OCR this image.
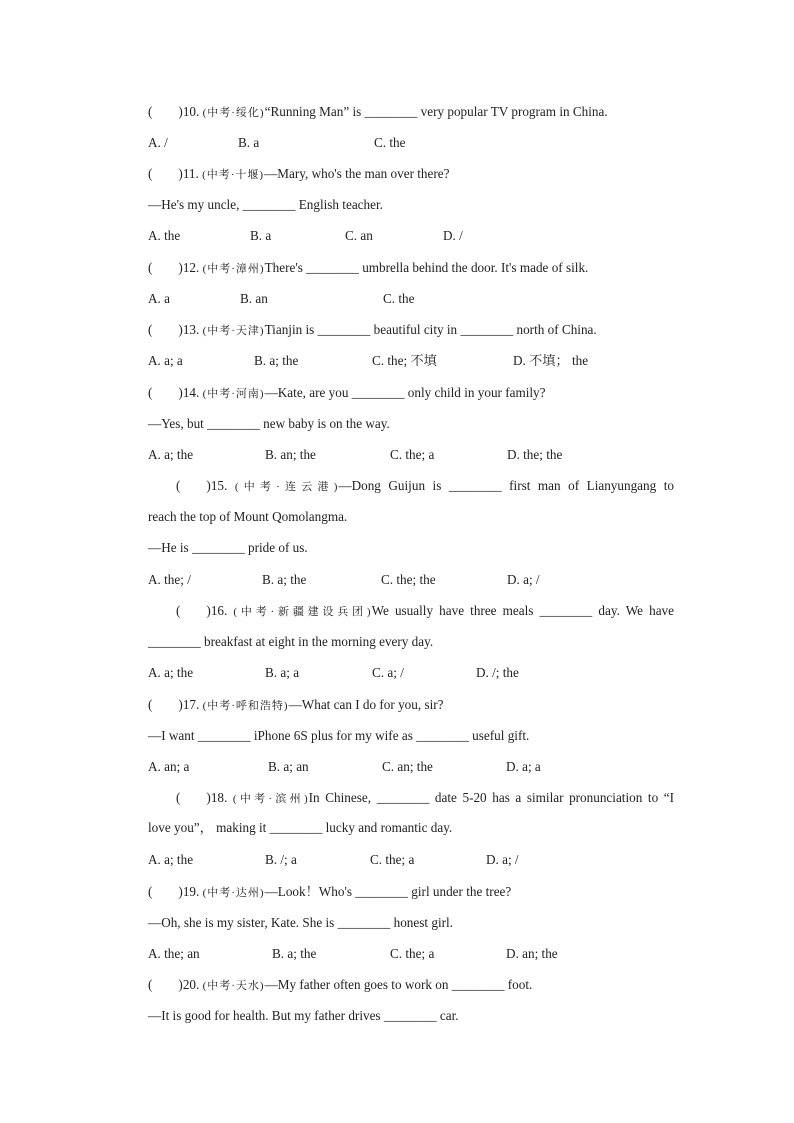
( )10. (中考·绥化)“Running Man” is ________ very popular TV program in China.
A. /	B. a	C. the
( )11. (中考·十堰)—Mary, who's the man over there?
—He's my uncle, ________ English teacher.
A. the	B. a	C. an	D. /
( )12. (中考·漳州)There's ________ umbrella behind the door. It's made of silk.
A. a	B. an	C. the
( )13. (中考·天津)Tianjin is ________ beautiful city in ________ north of China.
A. a; a	B. a; the	C. the; 不填	D. 不填； the
( )14. (中考·河南)—Kate, are you ________ only child in your family?
—Yes, but ________ new baby is on the way.
A. a; the	B. an; the	C. the; a	D. the; the
( )15. (中考·连云港)—Dong Guijun is ________ first man of Lianyungang to
reach the top of Mount Qomolangma.
—He is ________ pride of us.
A. the; /	B. a; the	C. the; the	D. a; /
( )16. (中考·新疆建设兵团)We usually have three meals ________ day. We have
________ breakfast at eight in the morning every day.
A. a; the	B. a; a	C. a; /	D. /; the
( )17. (中考·呼和浩特)—What can I do for you, sir?
—I want ________ iPhone 6S plus for my wife as ________ useful gift.
A. an; a	B. a; an	C. an; the	D. a; a
( )18. (中考·滨州)In Chinese, ________ date 5-20 has a similar pronunciation to “I
love you”， making it ________ lucky and romantic day.
A. a; the	B. /; a	C. the; a	D. a; /
( )19. (中考·达州)—Look！Who's ________ girl under the tree?
—Oh, she is my sister, Kate. She is ________ honest girl.
A. the; an	B. a; the	C. the; a	D. an; the
( )20. (中考·天水)—My father often goes to work on ________ foot.
—It is good for health. But my father drives ________ car.
